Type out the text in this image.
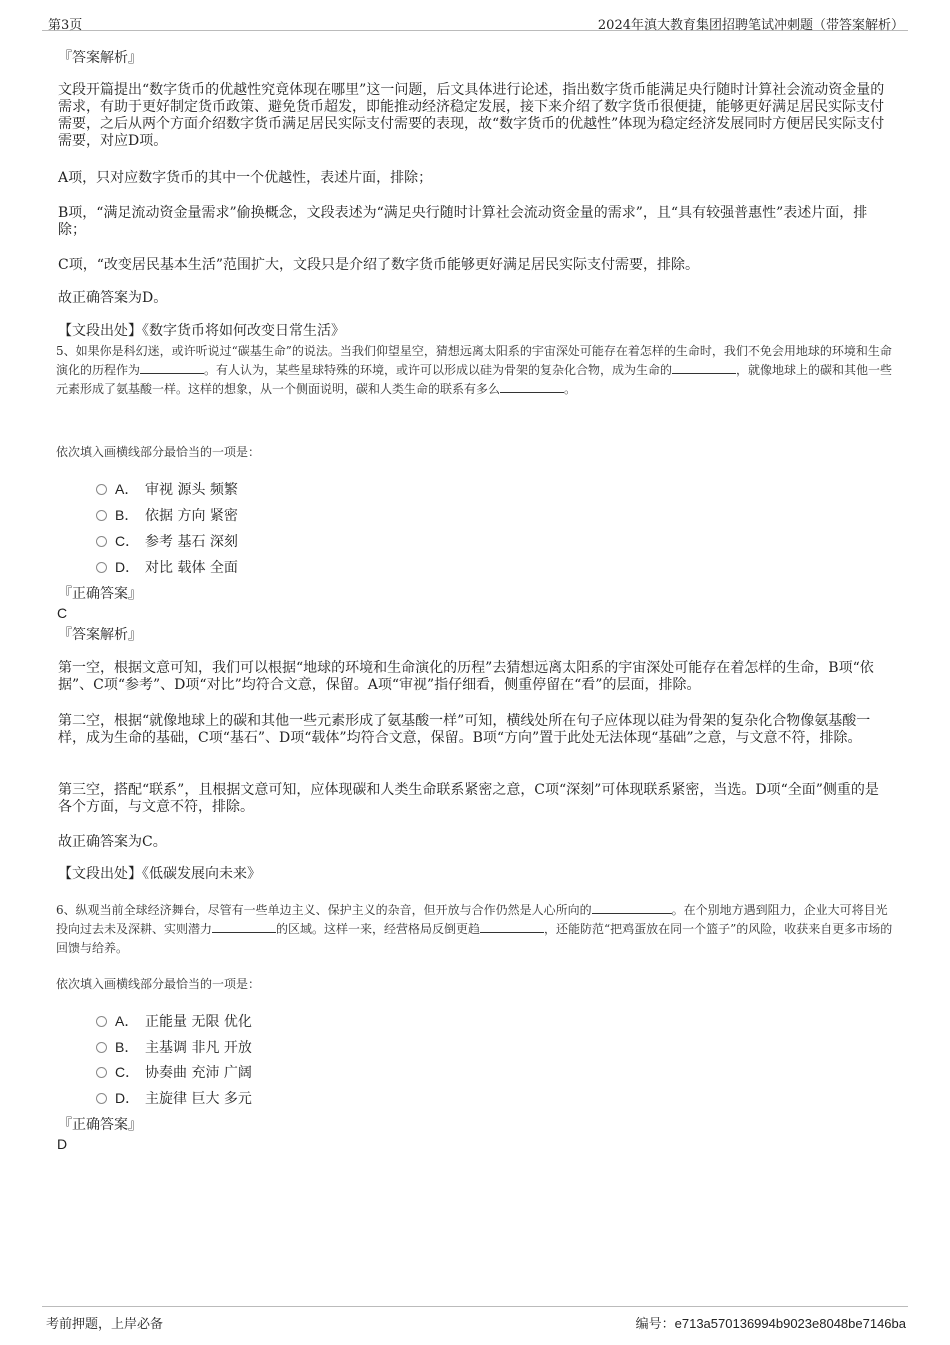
第3页	2024年滇大教育集团招聘笔试冲刺题（带答案解析）

『答案解析』

文段开篇提出“数字货币的优越性究竟体现在哪里”这一问题，后文具体进行论述，指出数字货币能满足央行随时计算社会流动资金量的需求，有助于更好制定货币政策、避免货币超发，即能推动经济稳定发展，接下来介绍了数字货币很便捷，能够更好满足居民实际支付需要，之后从两个方面介绍数字货币满足居民实际支付需要的表现，故“数字货币的优越性”体现为稳定经济发展同时方便居民实际支付需要，对应D项。

A项，只对应数字货币的其中一个优越性，表述片面，排除；

B项，“满足流动资金量需求”偷换概念，文段表述为“满足央行随时计算社会流动资金量的需求”，且“具有较强普惠性”表述片面，排除；

C项，“改变居民基本生活”范围扩大，文段只是介绍了数字货币能够更好满足居民实际支付需要，排除。

故正确答案为D。

【文段出处】《数字货币将如何改变日常生活》

5、如果你是科幻迷，或许听说过“碳基生命”的说法。当我们仰望星空，猜想远离太阳系的宇宙深处可能存在着怎样的生命时，我们不免会用地球的环境和生命演化的历程作为	。有人认为，某些星球特殊的环境，或许可以形成以硅为骨架的复杂化合物，成为生命的	，就像地球上的碳和其他一些元素形成了氨基酸一样。这样的想象，从一个侧面说明，碳和人类生命的联系有多么	。

依次填入画横线部分最恰当的一项是：

A． 审视 源头 频繁
B． 依据 方向 紧密
C． 参考 基石 深刻
D． 对比 载体 全面

『正确答案』

C

『答案解析』

第一空，根据文意可知，我们可以根据“地球的环境和生命演化的历程”去猜想远离太阳系的宇宙深处可能存在着怎样的生命，B项“依据”、C项“参考”、D项“对比”均符合文意，保留。A项“审视”指仔细看，侧重停留在“看”的层面，排除。

第二空，根据“就像地球上的碳和其他一些元素形成了氨基酸一样”可知，横线处所在句子应体现以硅为骨架的复杂化合物像氨基酸一样，成为生命的基础，C项“基石”、D项“载体”均符合文意，保留。B项“方向”置于此处无法体现“基础”之意，与文意不符，排除。

第三空，搭配“联系”，且根据文意可知，应体现碳和人类生命联系紧密之意，C项“深刻”可体现联系紧密，当选。D项“全面”侧重的是各个方面，与文意不符，排除。

故正确答案为C。

【文段出处】《低碳发展向未来》

6、纵观当前全球经济舞台，尽管有一些单边主义、保护主义的杂音，但开放与合作仍然是人心所向的	。在个别地方遇到阻力，企业大可将目光投向过去未及深耕、实则潜力	的区域。这样一来，经营格局反倒更趋	，还能防范“把鸡蛋放在同一个篮子”的风险，收获来自更多市场的回馈与给养。

依次填入画横线部分最恰当的一项是：

A． 正能量 无限 优化
B． 主基调 非凡 开放
C． 协奏曲 充沛 广阔
D． 主旋律 巨大 多元

『正确答案』

D
考前押题，上岸必备	编号：e713a570136994b9023e8048be7146ba
